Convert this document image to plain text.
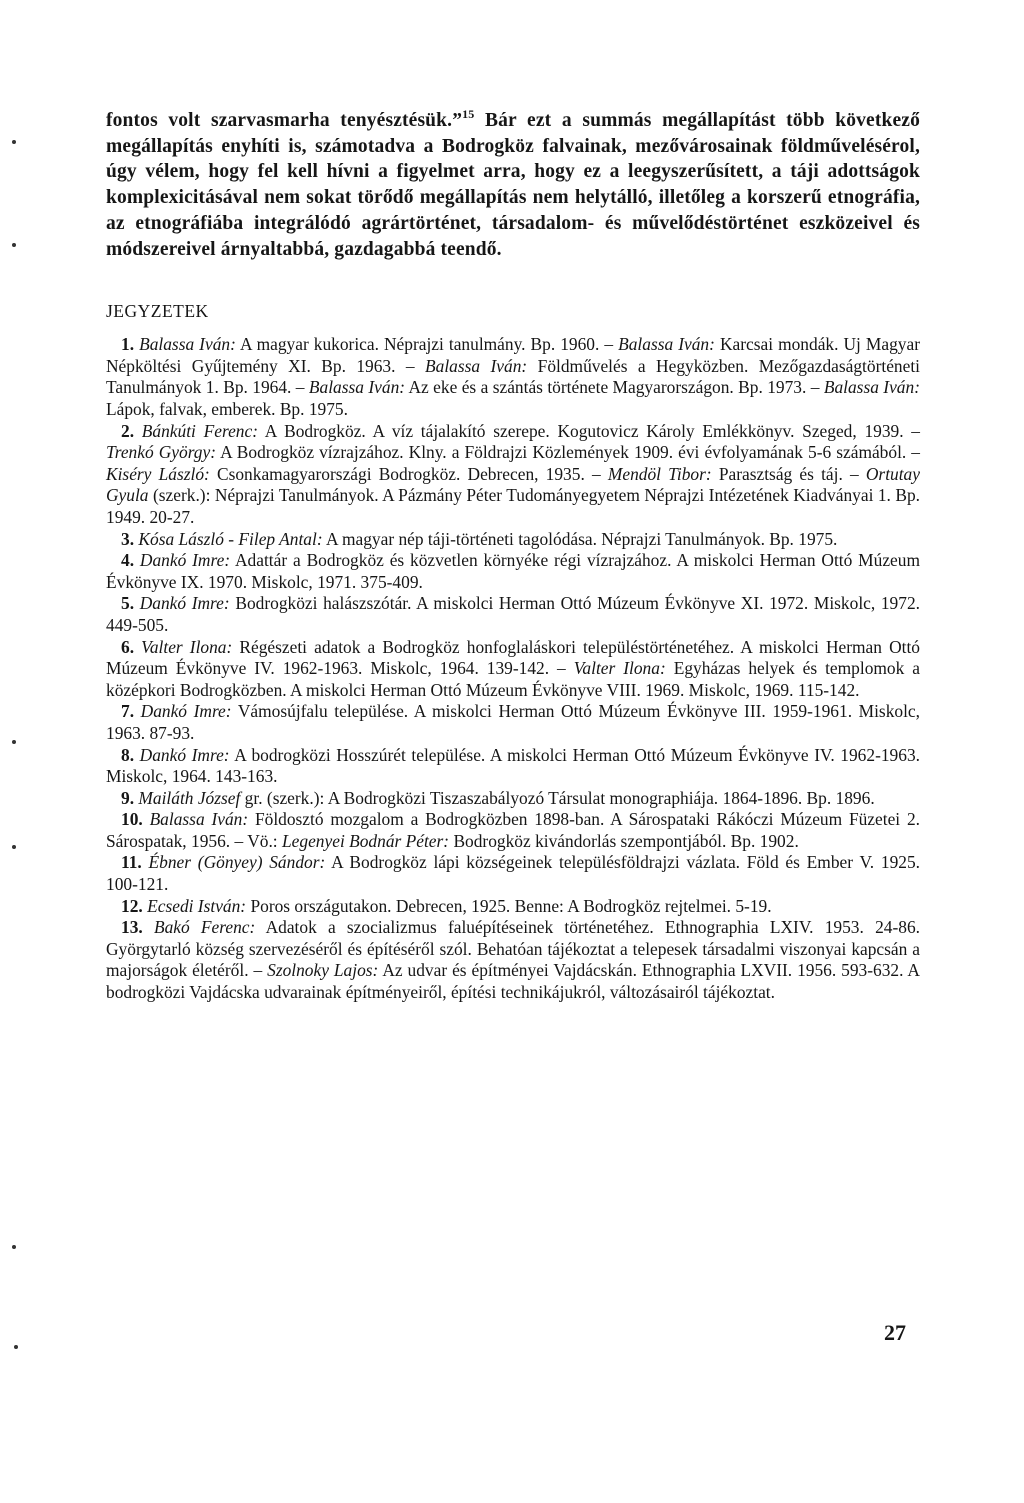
fontos volt szarvasmarha tenyésztésük.”$^{15}$ Bár ezt a summás megállapítást több következő megállapítás enyhíti is, számotadva a Bodrogköz falvainak, mezővárosainak földművelésérol, úgy vélem, hogy fel kell hívni a figyelmet arra, hogy ez a leegyszerűsített, a táji adottságok komplexicitásával nem sokat törődő megállapítás nem helytálló, illetőleg a korszerű etnográfia, az etnográfiába integrálódó agrártörténet, társadalom- és művelődéstörténet eszközeivel és módszereivel árnyaltabbá, gazdagabbá teendő.

JEGYZETEK

1. Balassa Iván: A magyar kukorica. Néprajzi tanulmány. Bp. 1960. – Balassa Iván: Karcsai mondák. Uj Magyar Népköltési Gyűjtemény XI. Bp. 1963. – Balassa Iván: Földművelés a Hegyközben. Mezőgazdaságtörténeti Tanulmányok 1. Bp. 1964. – Balassa Iván: Az eke és a szántás története Magyarországon. Bp. 1973. – Balassa Iván: Lápok, falvak, emberek. Bp. 1975.

2. Bánkúti Ferenc: A Bodrogköz. A víz tájalakító szerepe. Kogutovicz Károly Emlékkönyv. Szeged, 1939. – Trenkó György: A Bodrogköz vízrajzához. Klny. a Földrajzi Közlemények 1909. évi évfolyamának 5-6 számából. – Kiséry László: Csonkamagyarországi Bodrogköz. Debrecen, 1935. – Mendöl Tibor: Parasztság és táj. – Ortutay Gyula (szerk.): Néprajzi Tanulmányok. A Pázmány Péter Tudományegyetem Néprajzi Intézetének Kiadványai 1. Bp. 1949. 20-27.

3. Kósa László - Filep Antal: A magyar nép táji-történeti tagolódása. Néprajzi Tanulmányok. Bp. 1975.

4. Dankó Imre: Adattár a Bodrogköz és közvetlen környéke régi vízrajzához. A miskolci Herman Ottó Múzeum Évkönyve IX. 1970. Miskolc, 1971. 375-409.

5. Dankó Imre: Bodrogközi halászszótár. A miskolci Herman Ottó Múzeum Évkönyve XI. 1972. Miskolc, 1972. 449-505.

6. Valter Ilona: Régészeti adatok a Bodrogköz honfoglaláskori településtörténetéhez. A miskolci Herman Ottó Múzeum Évkönyve IV. 1962-1963. Miskolc, 1964. 139-142. – Valter Ilona: Egyházas helyek és templomok a középkori Bodrogközben. A miskolci Herman Ottó Múzeum Évkönyve VIII. 1969. Miskolc, 1969. 115-142.

7. Dankó Imre: Vámosújfalu települése. A miskolci Herman Ottó Múzeum Évkönyve III. 1959-1961. Miskolc, 1963. 87-93.

8. Dankó Imre: A bodrogközi Hosszúrét települése. A miskolci Herman Ottó Múzeum Évkönyve IV. 1962-1963. Miskolc, 1964. 143-163.

9. Mailáth József gr. (szerk.): A Bodrogközi Tiszaszabályozó Társulat monographiája. 1864-1896. Bp. 1896.

10. Balassa Iván: Földosztó mozgalom a Bodrogközben 1898-ban. A Sárospataki Rákóczi Múzeum Füzetei 2. Sárospatak, 1956. – Vö.: Legenyei Bodnár Péter: Bodrogköz kivándorlás szempontjából. Bp. 1902.

11. Ébner (Gönyey) Sándor: A Bodrogköz lápi községeinek településföldrajzi vázlata. Föld és Ember V. 1925. 100-121.

12. Ecsedi István: Poros országutakon. Debrecen, 1925. Benne: A Bodrogköz rejtelmei. 5-19.

13. Bakó Ferenc: Adatok a szocializmus faluépítéseinek történetéhez. Ethnographia LXIV. 1953. 24-86. Györgytarló község szervezéséről és építéséről szól. Behatóan tájékoztat a telepesek társadalmi viszonyai kapcsán a majorságok életéről. – Szolnoky Lajos: Az udvar és építményei Vajdácskán. Ethnographia LXVII. 1956. 593-632. A bodrogközi Vajdácska udvarainak építményeiről, építési technikájukról, változásairól tájékoztat.

27
